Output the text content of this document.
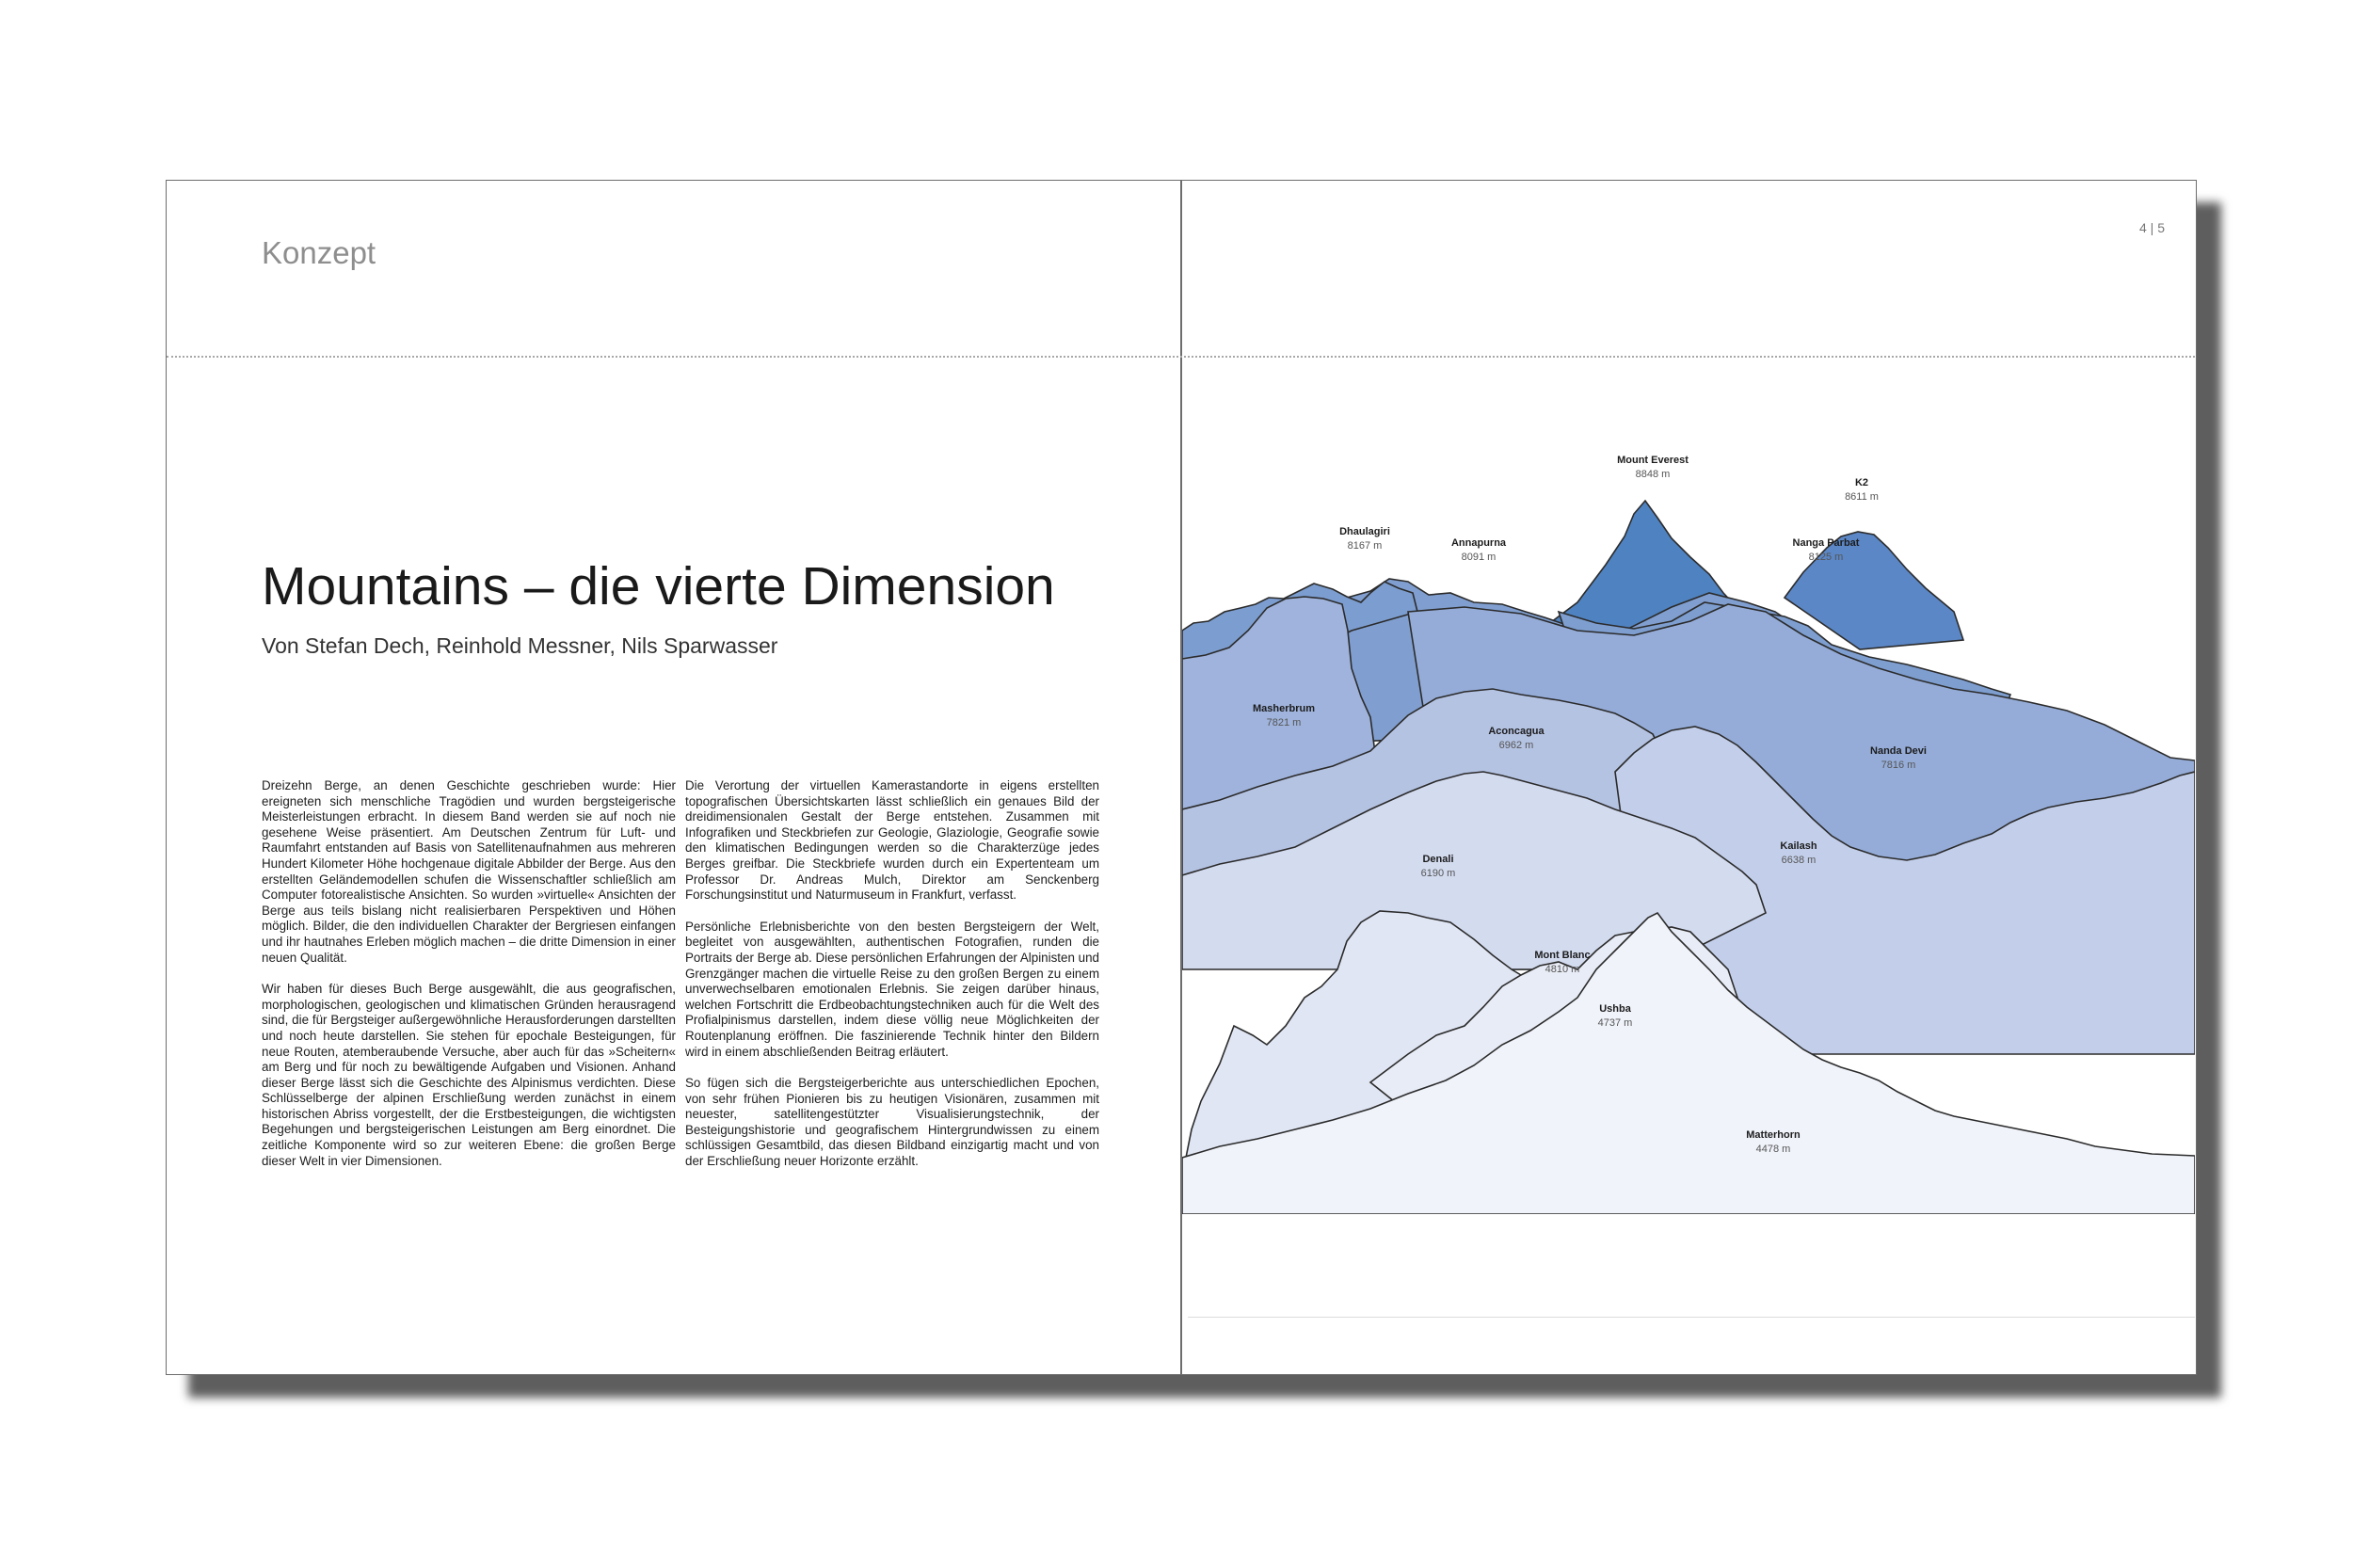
Konzept
4 | 5
Mountains – die vierte Dimension
Von Stefan Dech, Reinhold Messner, Nils Sparwasser

Dreizehn Berge, an denen Geschichte geschrieben wurde: Hier ereigneten sich menschliche Tragödien und wurden bergsteigerische Meisterleistungen erbracht. In diesem Band werden sie auf noch nie gesehene Weise präsentiert. Am Deutschen Zentrum für Luft- und Raumfahrt entstanden auf Basis von Satellitenaufnahmen aus mehreren Hundert Kilometer Höhe hochgenaue digitale Abbilder der Berge. Aus den erstellten Geländemodellen schufen die Wissenschaftler schließlich am Computer fotorealistische Ansichten. So wurden »virtuelle« Ansichten der Berge aus teils bislang nicht realisierbaren Perspektiven und Höhen möglich. Bilder, die den individuellen Charakter der Bergriesen einfangen und ihr hautnahes Erleben möglich machen – die dritte Dimension in einer neuen Qualität.

Wir haben für dieses Buch Berge ausgewählt, die aus geografischen, morphologischen, geologischen und klimatischen Gründen herausragend sind, die für Bergsteiger außergewöhnliche Herausforderungen darstellten und noch heute darstellen. Sie stehen für epochale Besteigungen, für neue Routen, atemberaubende Versuche, aber auch für das »Scheitern« am Berg und für noch zu bewältigende Aufgaben und Visionen. Anhand dieser Berge lässt sich die Geschichte des Alpinismus verdichten. Diese Schlüsselberge der alpinen Erschließung werden zunächst in einem historischen Abriss vorgestellt, der die Erstbesteigungen, die wichtigsten Begehungen und bergsteigerischen Leistungen am Berg einordnet. Die zeitliche Komponente wird so zur weiteren Ebene: die großen Berge dieser Welt in vier Dimensionen.

Die Verortung der virtuellen Kamerastandorte in eigens erstellten topografischen Übersichtskarten lässt schließlich ein genaues Bild der dreidimensionalen Gestalt der Berge entstehen. Zusammen mit Infografiken und Steckbriefen zur Geologie, Glaziologie, Geografie sowie den klimatischen Bedingungen werden so die Charakterzüge jedes Berges greifbar. Die Steckbriefe wurden durch ein Expertenteam um Professor Dr. Andreas Mulch, Direktor am Senckenberg Forschungsinstitut und Naturmuseum in Frankfurt, verfasst.

Persönliche Erlebnisberichte von den besten Bergsteigern der Welt, begleitet von ausgewählten, authentischen Fotografien, runden die Portraits der Berge ab. Diese persönlichen Erfahrungen der Alpinisten und Grenzgänger machen die virtuelle Reise zu den großen Bergen zu einem unverwechselbaren emotionalen Erlebnis. Sie zeigen darüber hinaus, welchen Fortschritt die Erdbeobachtungstechniken auch für die Welt des Profialpinismus darstellen, indem diese völlig neue Möglichkeiten der Routenplanung eröffnen. Die faszinierende Technik hinter den Bildern wird in einem abschließenden Beitrag erläutert.

So fügen sich die Bergsteigerberichte aus unterschiedlichen Epochen, von sehr frühen Pionieren bis zu heutigen Visionären, zusammen mit neuester, satellitengestützter Visualisierungstechnik, der Besteigungshistorie und geografischem Hintergrundwissen zu einem schlüssigen Gesamtbild, das diesen Bildband einzigartig macht und von der Erschließung neuer Horizonte erzählt.

Mount Everest
8848 m
K2
8611 m
Dhaulagiri
8167 m	Annapurna
8091 m
Nanga Parbat
8125 m
Masherbrum
7821 m
Nanda Devi
7816 m
Aconcagua
6962 m
Kailash
6638 m
Denali
6190 m
Mont Blanc
4810 m
Ushba
4737 m
Matterhorn
4478 m
